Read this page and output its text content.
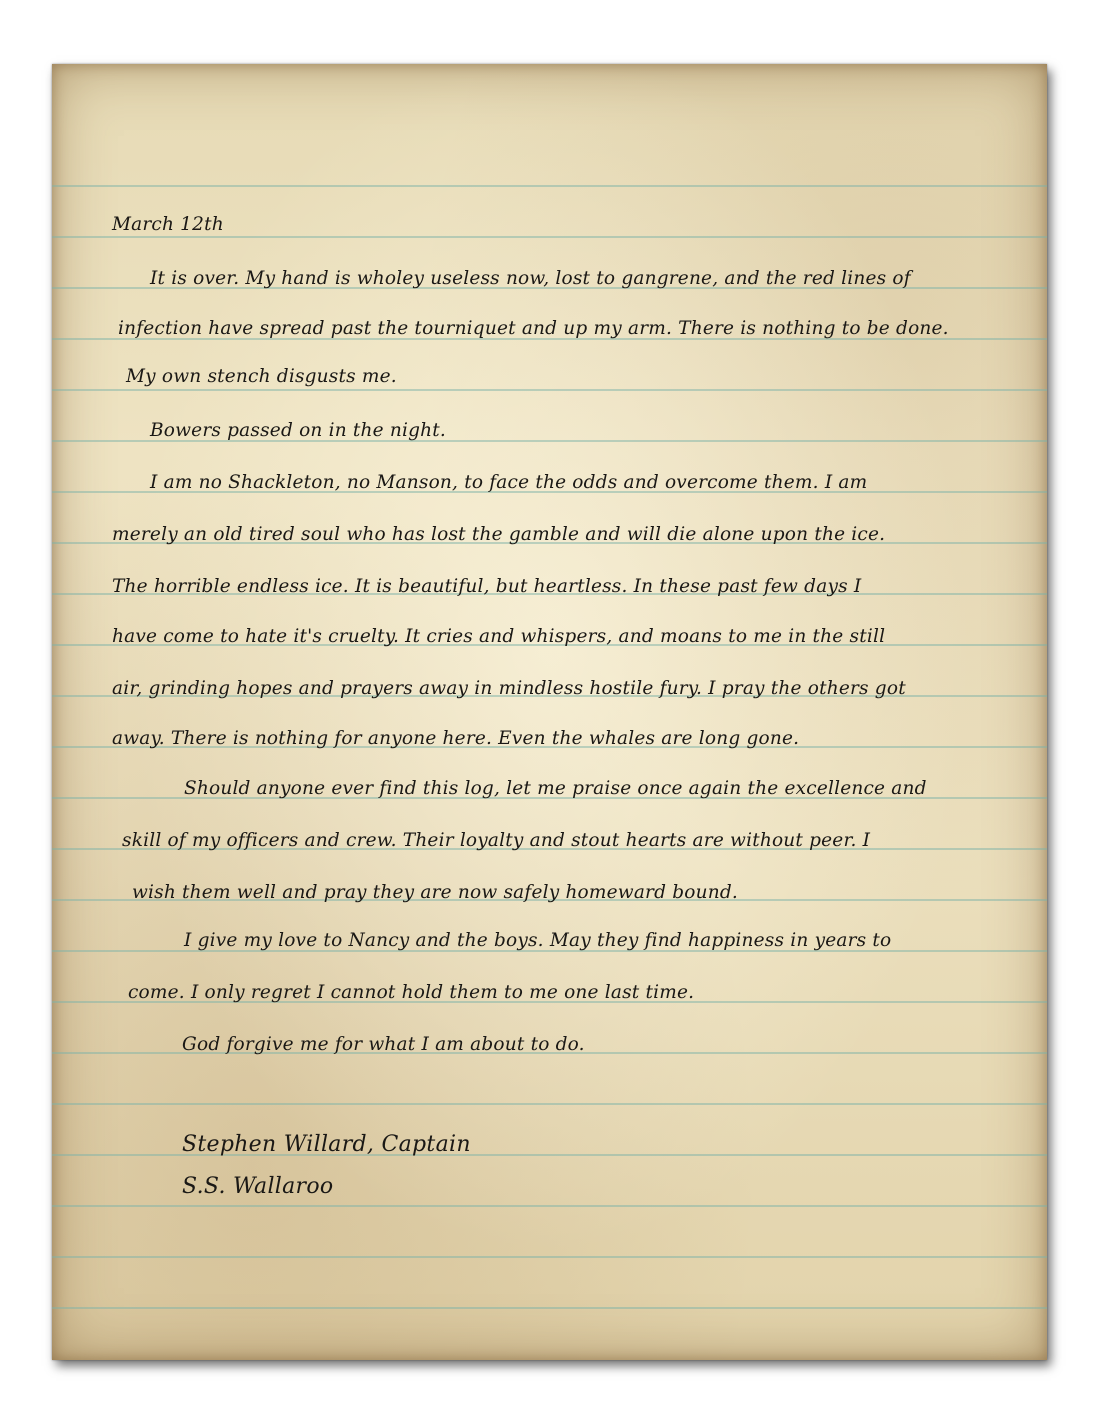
March 12th
It is over. My hand is wholey useless now, lost to gangrene, and the red lines of
infection have spread past the tourniquet and up my arm. There is nothing to be done.
My own stench disgusts me.
Bowers passed on in the night.
I am no Shackleton, no Manson, to face the odds and overcome them. I am
merely an old tired soul who has lost the gamble and will die alone upon the ice.
The horrible endless ice. It is beautiful, but heartless. In these past few days I
have come to hate it's cruelty. It cries and whispers, and moans to me in the still
air, grinding hopes and prayers away in mindless hostile fury. I pray the others got
away. There is nothing for anyone here. Even the whales are long gone.
Should anyone ever find this log, let me praise once again the excellence and
skill of my officers and crew. Their loyalty and stout hearts are without peer. I
wish them well and pray they are now safely homeward bound.
I give my love to Nancy and the boys. May they find happiness in years to
come. I only regret I cannot hold them to me one last time.
God forgive me for what I am about to do.
Stephen Willard, Captain
S.S. Wallaroo
